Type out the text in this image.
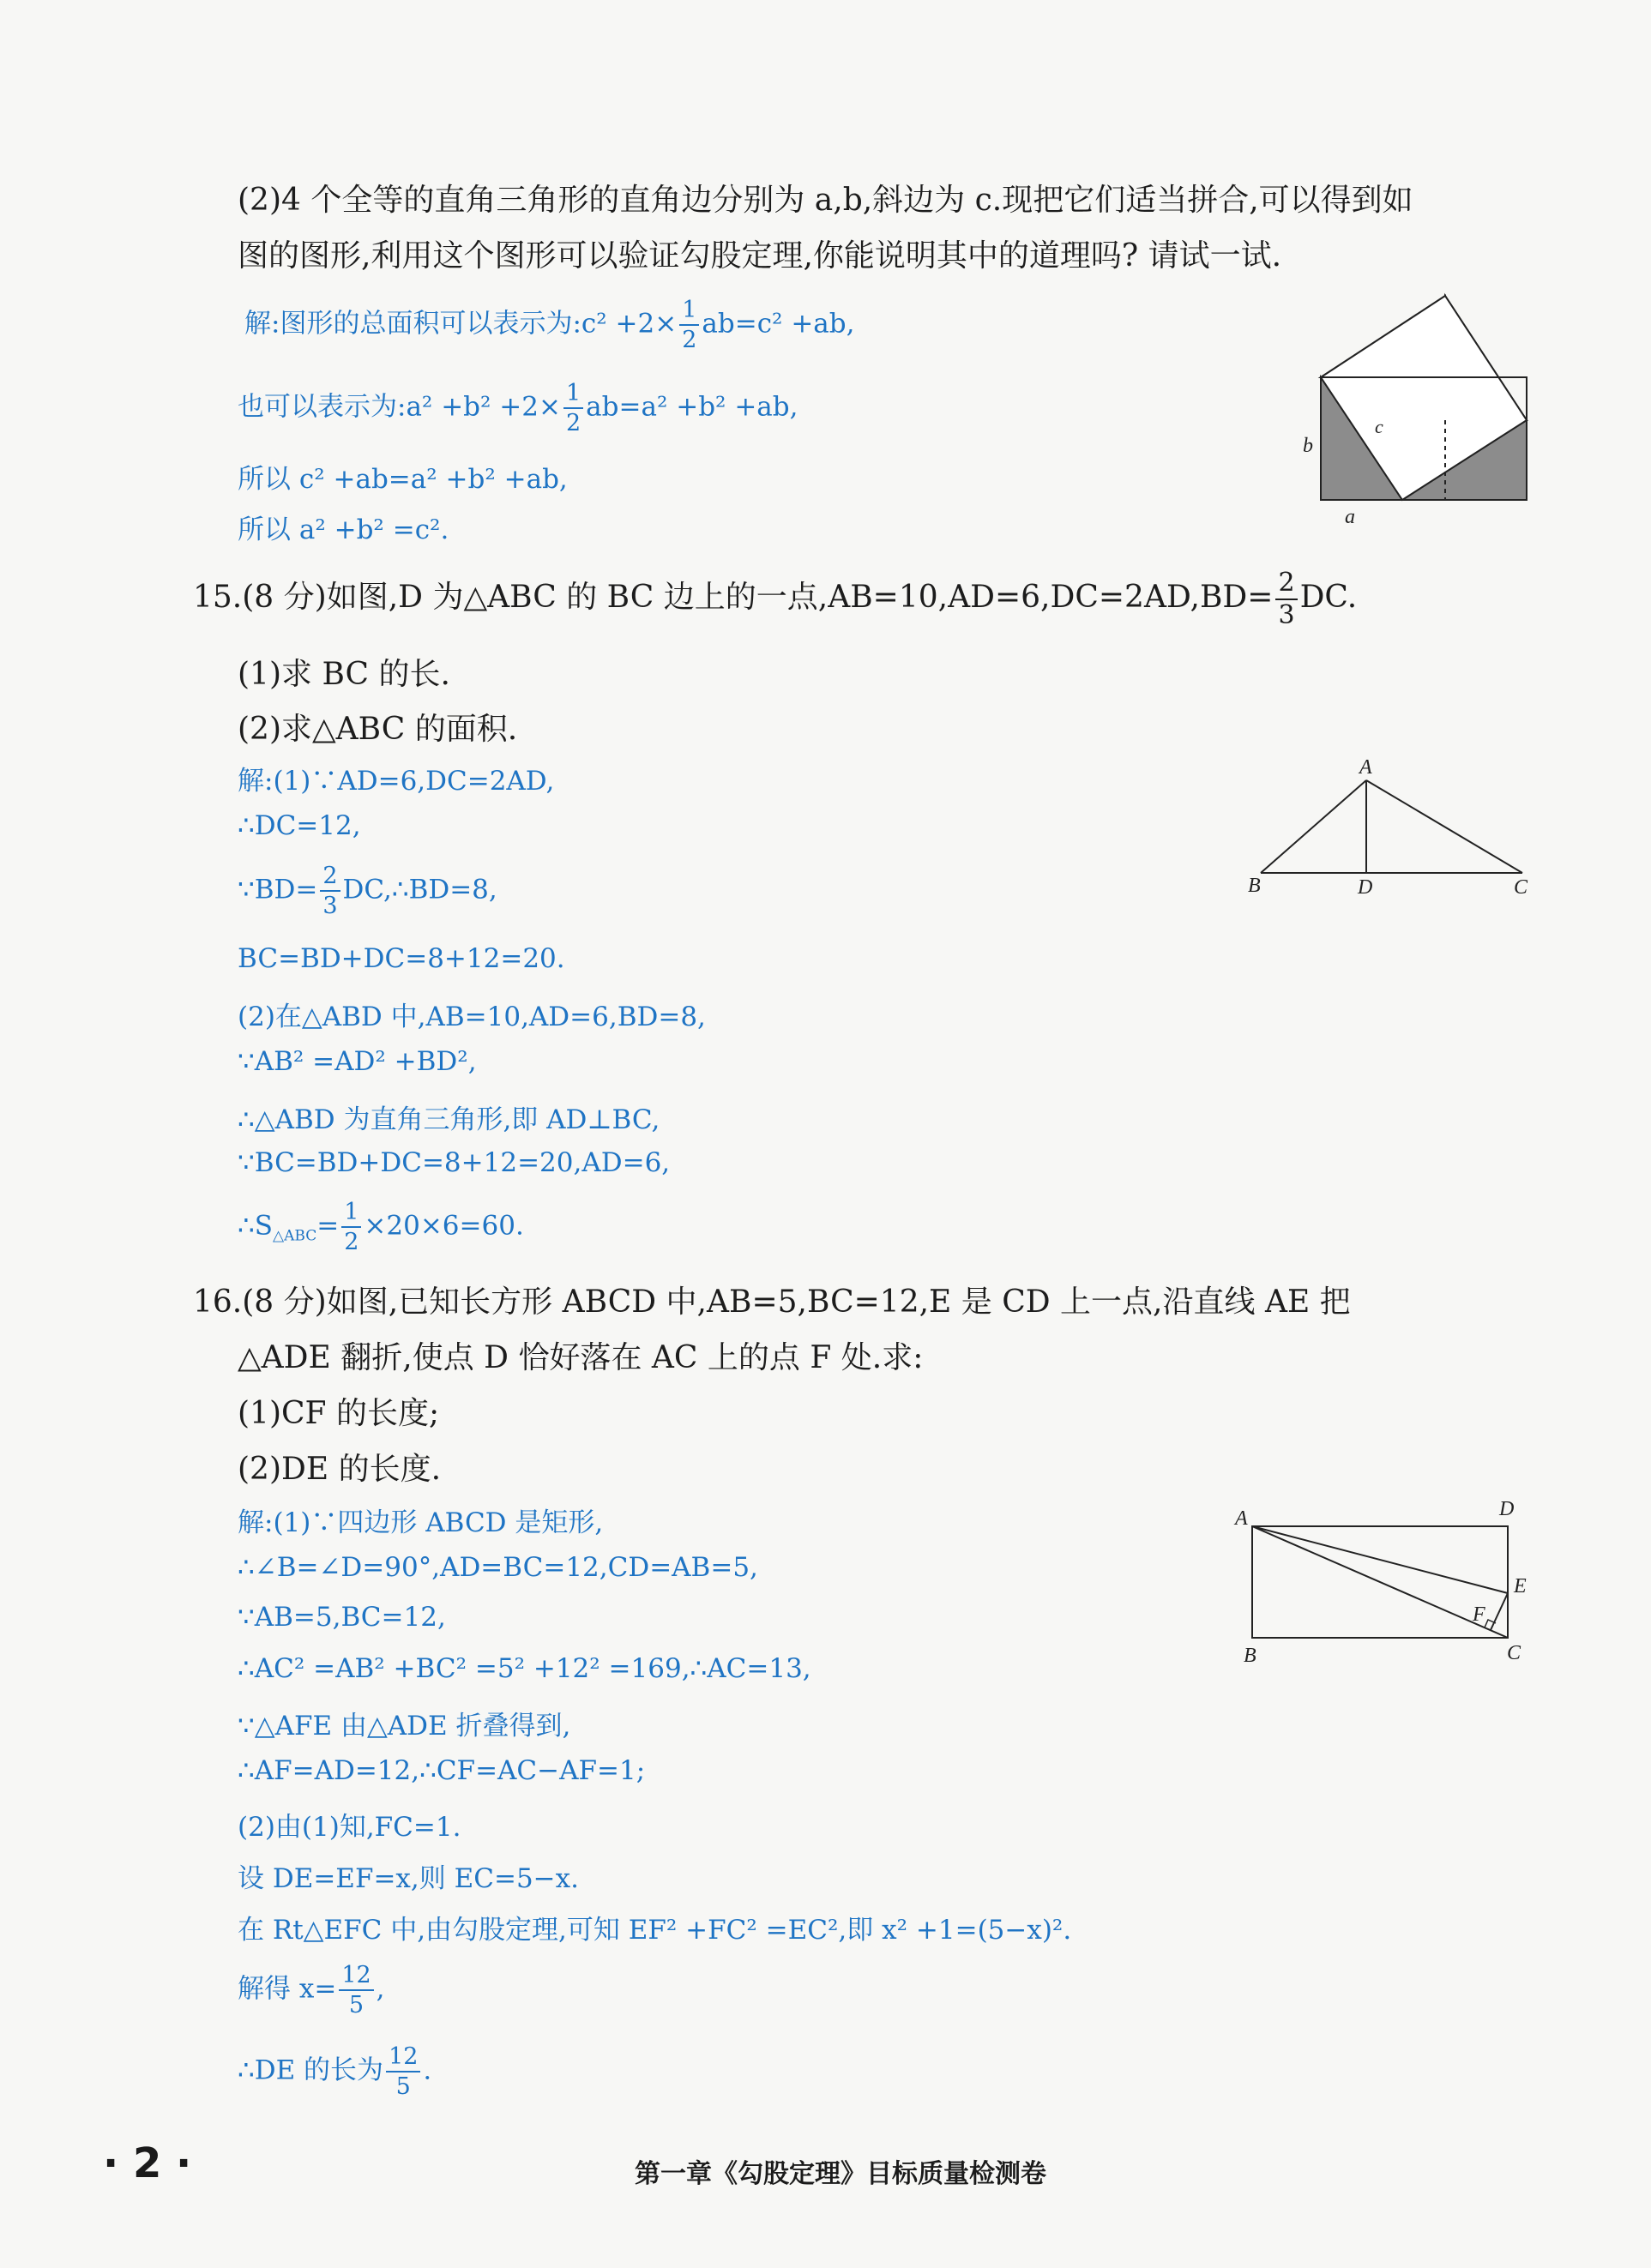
(2)4 个全等的直角三角形的直角边分别为 a,b,斜边为 c.现把它们适当拼合,可以得到如
图的图形,利用这个图形可以验证勾股定理,你能说明其中的道理吗? 请试一试.
解:图形的总面积可以表示为:c² $+2\times \frac{1}{2} ab=c^2 +ab$,
也可以表示为:a² $+b^2 +2\times \frac{1}{2} ab=a^2 +b^2 +ab$,
所以 c² +ab=a² +b² +ab,
所以 a² +b² =c².
b
c
a
15.(8 分)如图,D 为△ABC 的 BC 边上的一点$,AB=10,AD=6,DC=2AD,BD= \frac{2}{3}$ DC.
(1)求 BC 的长.
(2)求△ABC 的面积.
解:(1)∵AD=6,DC=2AD,
∴DC=12,
∵BD= $\frac{2}{3}$ DC,∴BD=8,
BC=BD+DC=8+12=20.
(2)在△ABD 中,AB=10,AD=6,BD=8,
∵AB² =AD² +BD²,
∴△ABD 为直角三角形,即 AD⊥BC,
∵BC=BD+DC=8+12=20,AD=6,
$\therefore S_{\triangle ABC}= \frac{1}{2} \times 20\times 6=60$.
A
B	D	C
16.(8 分)如图,已知长方形 ABCD 中,AB=5,BC=12,E 是 CD 上一点,沿直线 AE 把
△ADE 翻折,使点 D 恰好落在 AC 上的点 F 处.求:
(1)CF 的长度;
(2)DE 的长度.
解:(1)∵四边形 ABCD 是矩形,
∴∠B=∠D=90°,AD=BC=12,CD=AB=5,
∵AB=5,BC=12,
∴AC² =AB² +BC² =5² +12² =169,∴AC=13,
∵△AFE 由△ADE 折叠得到,
∴AF=AD=12,∴CF=AC−AF=1;
(2)由(1)知,FC=1.
设 DE=EF=x,则 EC=5−x.
在 Rt△EFC 中,由勾股定理,可知 EF² +FC² =EC²,即 x² +1=(5−x)².
解得 $x= \frac{12}{5}$ ,
∴DE 的长为 $\frac{12}{5}$ .
A	D
E
F
B	C
· 2 ·	第一章《勾股定理》目标质量检测卷
